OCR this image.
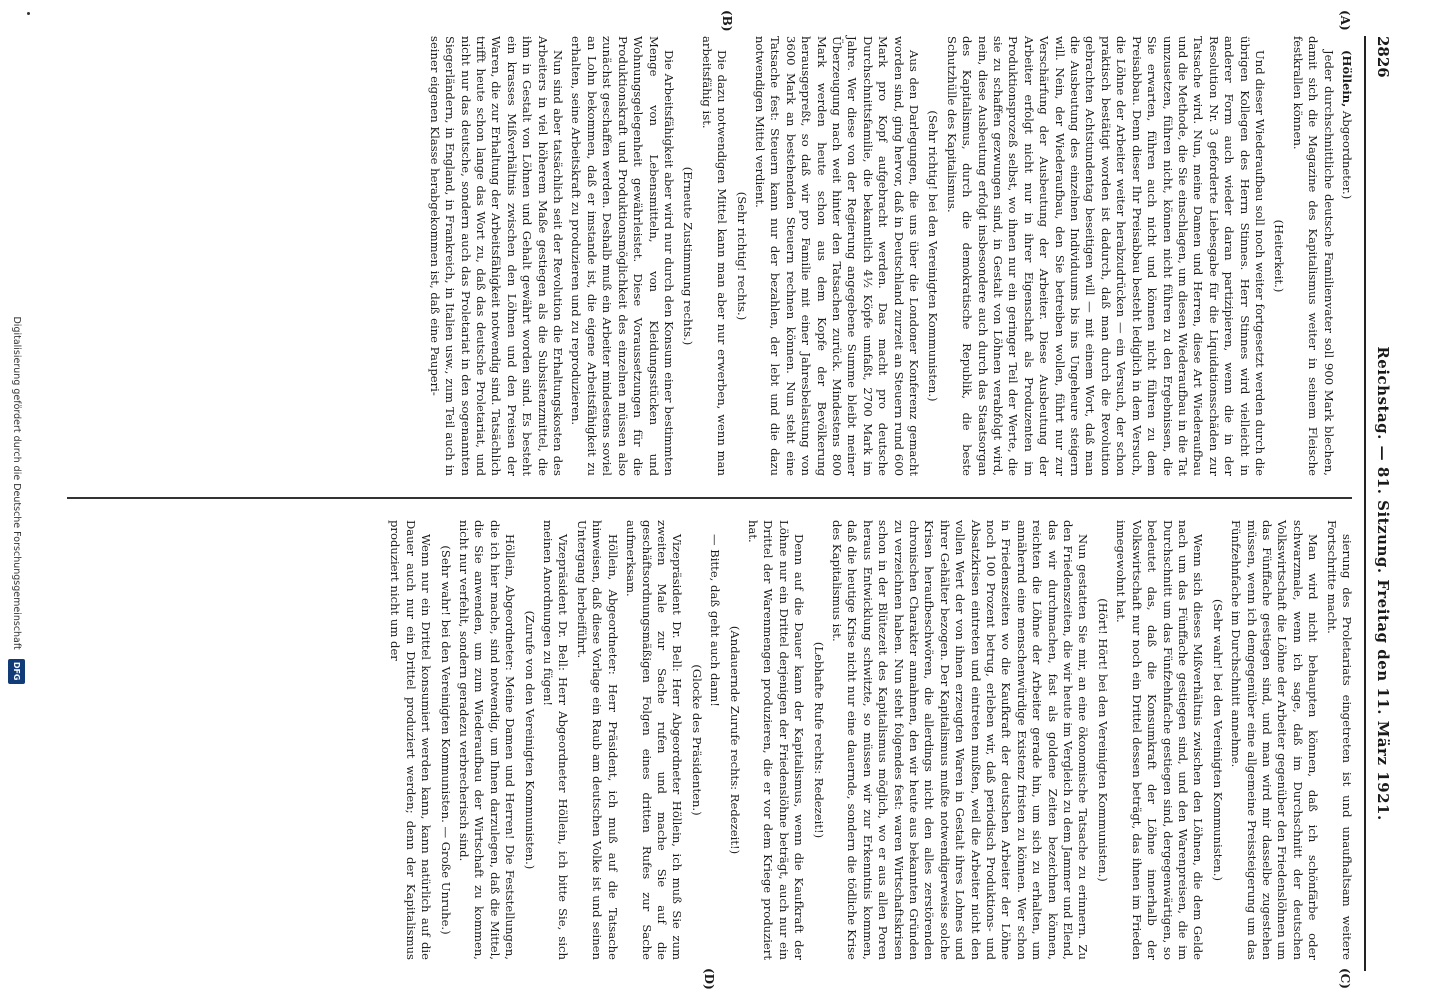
2826
Reichstag. — 81. Sitzung. Freitag den 11. März 1921.
(A)
(B)
(C)
(D)

(Höllein, Abgeordneter.)

Jeder durchschnittliche deutsche Familienvater soll 900 Mark blechen, damit sich die Magazine des Kapitalismus weiter in seinem Fleische festkrallen können.

(Heiterkeit.)

Und dieser Wiederaufbau soll noch weiter fortgesetzt werden durch die übrigen Kollegen des Herrn Stinnes. Herr Stinnes wird vielleicht in anderer Form auch wieder daran partizipieren, wenn die in der Resolution Nr. 3 geforderte Liebesgabe für die Liquidationsschäden zur Tatsache wird. Nun, meine Damen und Herren, diese Art Wiederaufbau und die Methode, die Sie einschlagen, um diesen Wiederaufbau in die Tat umzusetzen, führen nicht, können nicht führen zu den Ergebnissen, die Sie erwarten, führen auch nicht und können nicht führen zu dem Preisabbau. Denn dieser Ihr Preisabbau besteht lediglich in dem Versuch, die Löhne der Arbeiter weiter herabzudrücken — ein Versuch, der schon praktisch bestätigt worden ist dadurch, daß man durch die Revolution gebrachten Achtstundentag beseitigen will — mit einem Wort, daß man die Ausbeutung des einzelnen Individuums bis ins Ungeheure steigern will. Nein, der Wiederaufbau, den Sie betreiben wollen, führt nur zur Verschärfung der Ausbeutung der Arbeiter. Diese Ausbeutung der Arbeiter erfolgt nicht nur in ihrer Eigenschaft als Produzenten im Produktionsprozeß selbst, wo ihnen nur ein geringer Teil der Werte, die sie zu schaffen gezwungen sind, in Gestalt von Löhnen verabfolgt wird, nein, diese Ausbeutung erfolgt insbesondere auch durch das Staatsorgan des Kapitalismus, durch die demokratische Republik, die beste Schutzhülle des Kapitalismus.

(Sehr richtig! bei den Vereinigten Kommunisten.)

Aus den Darlegungen, die uns über die Londoner Konferenz gemacht worden sind, ging hervor, daß in Deutschland zurzeit an Steuern rund 600 Mark pro Kopf aufgebracht werden. Das macht pro deutsche Durchschnittsfamilie, die bekanntlich 4½ Köpfe umfaßt, 2700 Mark im Jahre. Wer diese von der Regierung angegebene Summe bleibt meiner Überzeugung nach weit hinter den Tatsachen zurück. Mindestens 800 Mark werden heute schon aus dem Kopfe der Bevölkerung herausgepreßt, so daß wir pro Familie mit einer Jahresbelastung von 3600 Mark an bestehenden Steuern rechnen können. Nun steht eine Tatsache fest: Steuern kann nur der bezahlen, der lebt und die dazu notwendigen Mittel verdient.

(Sehr richtig! rechts.)

Die dazu notwendigen Mittel kann man aber nur erwerben, wenn man arbeitsfähig ist.

(Erneute Zustimmung rechts.)

Die Arbeitsfähigkeit aber wird nur durch den Konsum einer bestimmten Menge von Lebensmitteln, von Kleidungsstücken und Wohnungsgelegenheit gewährleistet. Diese Voraussetzungen für die Produktionskraft und Produktionsmöglichkeit des einzelnen müssen also zunächst geschaffen werden. Deshalb muß ein Arbeiter mindestens soviel an Lohn bekommen, daß er imstande ist, die eigene Arbeitsfähigkeit zu erhalten, seine Arbeitskraft zu produzieren und zu reproduzieren.

Nun sind aber tatsächlich seit der Revolution die Erhaltungskosten des Arbeiters in viel höherem Maße gestiegen als die Subsistenzmittel, die ihm in Gestalt von Löhnen und Gehalt gewährt worden sind. Es besteht ein krasses Mißverhältnis zwischen den Löhnen und den Preisen der Waren, die zur Erhaltung der Arbeitsfähigkeit notwendig sind. Tatsächlich trifft heute schon lange das Wort zu, daß das deutsche Proletariat, und nicht nur das deutsche, sondern auch das Proletariat in den sogenannten Siegerländern, in England, in Frankreich, in Italien usw., zum Teil auch in seiner eigenen Klasse herabgekommen ist, daß eine Pauperi-

sierung des Proletariats eingetreten ist und unaufhaltsam weitere Fortschritte macht.

Man wird nicht behaupten können, daß ich schönfärbe oder schwarzmale, wenn ich sage, daß im Durchschnitt der deutschen Volkswirtschaft die Löhne der Arbeiter gegenüber den Friedenslöhnen um das Fünffache gestiegen sind, und man wird mir dasselbe zugestehen müssen, wenn ich demgegenüber eine allgemeine Preissteigerung um das Fünfzehnfache im Durchschnitt annehme.

(Sehr wahr! bei den Vereinigten Kommunisten.)

Wenn sich dieses Mißverhältnis zwischen den Löhnen, die dem Gelde nach um das Fünffache gestiegen sind, und den Warenpreisen, die im Durchschnitt um das Fünfzehnfache gestiegen sind, dergegenwärtigen, so bedeutet das, daß die Konsumkraft der Löhne innerhalb der Volkswirtschaft nur noch ein Drittel dessen beträgt, das ihnen im Frieden innegewohnt hat.

(Hört! Hört! bei den Vereinigten Kommunisten.)

Nun gestatten Sie mir, an eine ökonomische Tatsache zu erinnern. Zu den Friedenszeiten, die wir heute im Vergleich zu dem Jammer und Elend, das wir durchmachen, fast als goldene Zeiten bezeichnen können, reichten die Löhne der Arbeiter gerade hin, um sich zu erhalten, um annähernd eine menschenwürdige Existenz fristen zu können. Wer schon in Friedenszeiten wo die Kaufkraft der deutschen Arbeiter der Löhne noch 100 Prozent betrug, erleben wir, daß periodisch Produktions- und Absatzkrisen eintreten und eintreten mußten, weil die Arbeiter nicht den vollen Wert der von ihnen erzeugten Waren in Gestalt ihres Lohnes und ihrer Gehälter bezogen. Der Kapitalismus mußte notwendigerweise solche Krisen heraufbeschwören, die allerdings nicht den alles zerstörenden chronischen Charakter annahmen, den wir heute aus bekannten Gründen zu verzeichnen haben. Nun steht folgendes fest: waren Wirtschaftskrisen schon in der Blütezeit des Kapitalismus möglich, wo er aus allen Poren heraus Entwicklung schwitzte, so müssen wir zur Erkenntnis kommen, daß die heutige Krise nicht nur eine dauernde, sondern die tödliche Krise des Kapitalismus ist.

(Lebhafte Rufe rechts: Redezeit!)

Denn auf die Dauer kann der Kapitalismus, wenn die Kaufkraft der Löhne nur ein Drittel derjenigen der Friedenslöhne beträgt, auch nur ein Drittel der Warenmengen produzieren, die er vor dem Kriege produziert hat.

(Andauernde Zurufe rechts: Redezeit!)

— Bitte, daß geht auch dann!

(Glocke des Präsidenten.)

Vizepräsident Dr. Bell: Herr Abgeordneter Höllein, ich muß Sie zum zweiten Male zur Sache rufen und mache Sie auf die geschäftsordnungsmäßigen Folgen eines dritten Rufes zur Sache aufmerksam.

Höllein, Abgeordneter: Herr Präsident, ich muß auf die Tatsache hinweisen, daß diese Vorlage ein Raub am deutschen Volke ist und seinen Untergang herbeiführt.

Vizepräsident Dr. Bell: Herr Abgeordneter Höllein, ich bitte Sie, sich meinen Anordnungen zu fügen!

(Zurufe von den Vereinigten Kommunisten.)

Höllein, Abgeordneter: Meine Damen und Herren! Die Feststellungen, die ich hier mache, sind notwendig, um Ihnen darzulegen, daß die Mittel, die Sie anwenden, um zum Wiederaufbau der Wirtschaft zu kommen, nicht nur verfehlt, sondern geradezu verbrecherisch sind.

(Sehr wahr! bei den Vereinigten Kommunisten. — Große Unruhe.)

Wenn nur ein Drittel konsumiert werden kann, kann natürlich auf die Dauer auch nur ein Drittel produziert werden; denn der Kapitalismus produziert nicht um der

Digitalisierung gefördert durch die Deutsche Forschungsgemeinschaft DFG
